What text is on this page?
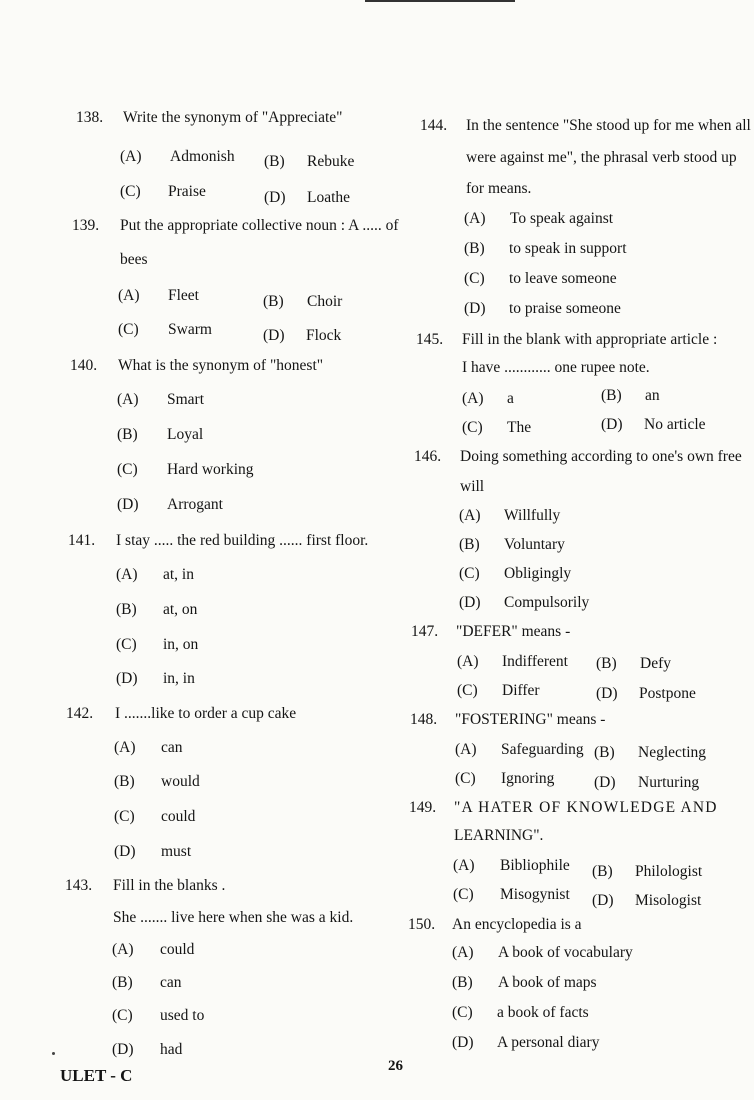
138. Write the synonym of "Appreciate"
(A) Admonish (B) Rebuke
(C) Praise	(D) Loathe
139. Put the appropriate collective noun : A ..... of
bees
(A) Fleet	(B) Choir
(C) Swarm	(D) Flock
140. What is the synonym of "honest"
(A) Smart
(B) Loyal
(C) Hard working
(D) Arrogant
141. I stay ..... the red building ...... first floor.
(A) at, in
(B) at, on
(C) in, on
(D) in, in
142. I .......like to order a cup cake
(A) can
(B) would
(C) could
(D) must
143. Fill in the blanks .
She ....... live here when she was a kid.
(A) could
(B) can
(C) used to
(D) had
144. In the sentence "She stood up for me when all
were against me", the phrasal verb stood up
for means.
(A) To speak against
(B) to speak in support
(C) to leave someone
(D) to praise someone
145. Fill in the blank with appropriate article :
I have ............ one rupee note.
(A) a	(B) an
(C) The	(D) No article
146. Doing something according to one's own free
will
(A) Willfully
(B) Voluntary
(C) Obligingly
(D) Compulsorily
147. "DEFER" means -
(A) Indifferent (B) Defy
(C) Differ	(D) Postpone
148. "FOSTERING" means -
(A) Safeguarding (B) Neglecting
(C) Ignoring	(D) Nurturing
149. "A HATER OF KNOWLEDGE AND
LEARNING".
(A) Bibliophile (B) Philologist
(C) Misogynist (D) Misologist
150. An encyclopedia is a
(A) A book of vocabulary
(B) A book of maps
(C) a book of facts
(D) A personal diary
26
ULET - C
